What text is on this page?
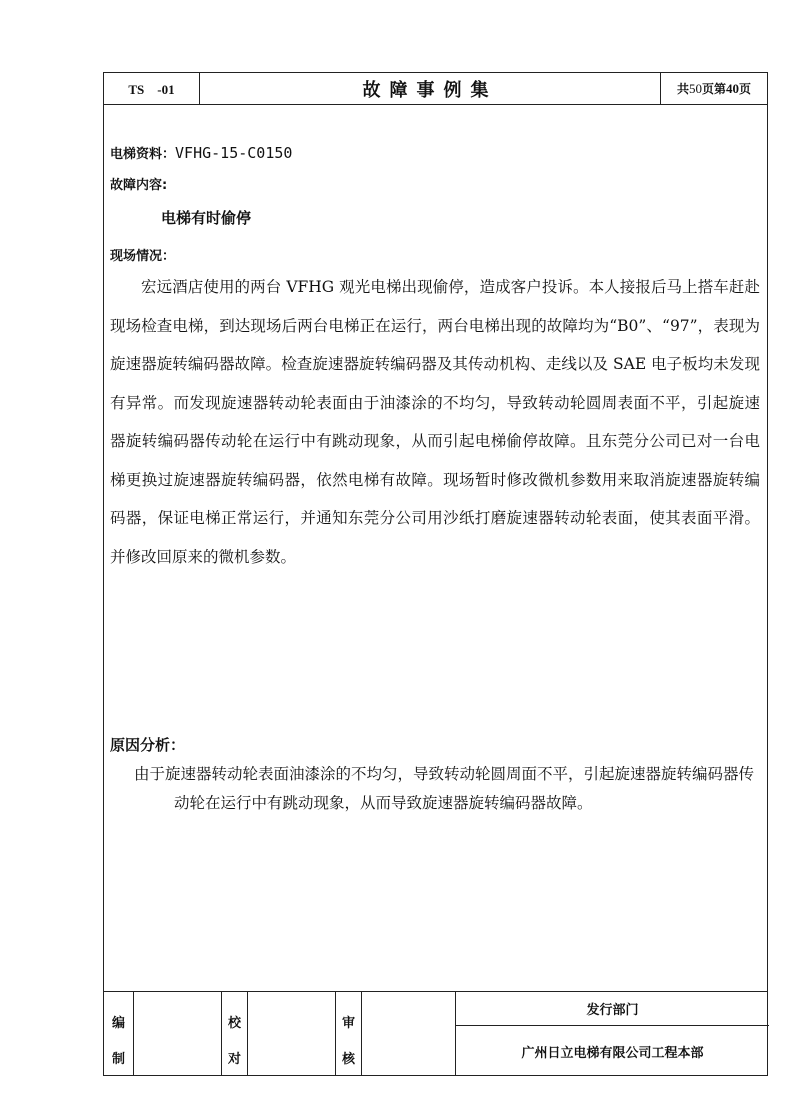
TS　-01	故障事例集	共 50 页第 40 页
电梯资料：VFHG-15-C0150
故障内容:
电梯有时偷停
现场情况：

宏远酒店使用的两台 VFHG 观光电梯出现偷停，造成客户投诉。本人接报后马上搭车赶赴现场检查电梯，到达现场后两台电梯正在运行，两台电梯出现的故障均为“B0”、“97”，表现为旋速器旋转编码器故障。检查旋速器旋转编码器及其传动机构、走线以及 SAE 电子板均未发现有异常。而发现旋速器转动轮表面由于油漆涂的不均匀，导致转动轮圆周表面不平，引起旋速器旋转编码器传动轮在运行中有跳动现象，从而引起电梯偷停故障。且东莞分公司已对一台电梯更换过旋速器旋转编码器，依然电梯有故障。现场暂时修改微机参数用来取消旋速器旋转编码器，保证电梯正常运行，并通知东莞分公司用沙纸打磨旋速器转动轮表面，使其表面平滑。并修改回原来的微机参数。

原因分析：

由于旋速器转动轮表面油漆涂的不均匀，导致转动轮圆周面不平，引起旋速器旋转编码器传动轮在运行中有跳动现象，从而导致旋速器旋转编码器故障。

编
制
校
对
审
核
发行部门
广州日立电梯有限公司工程本部
